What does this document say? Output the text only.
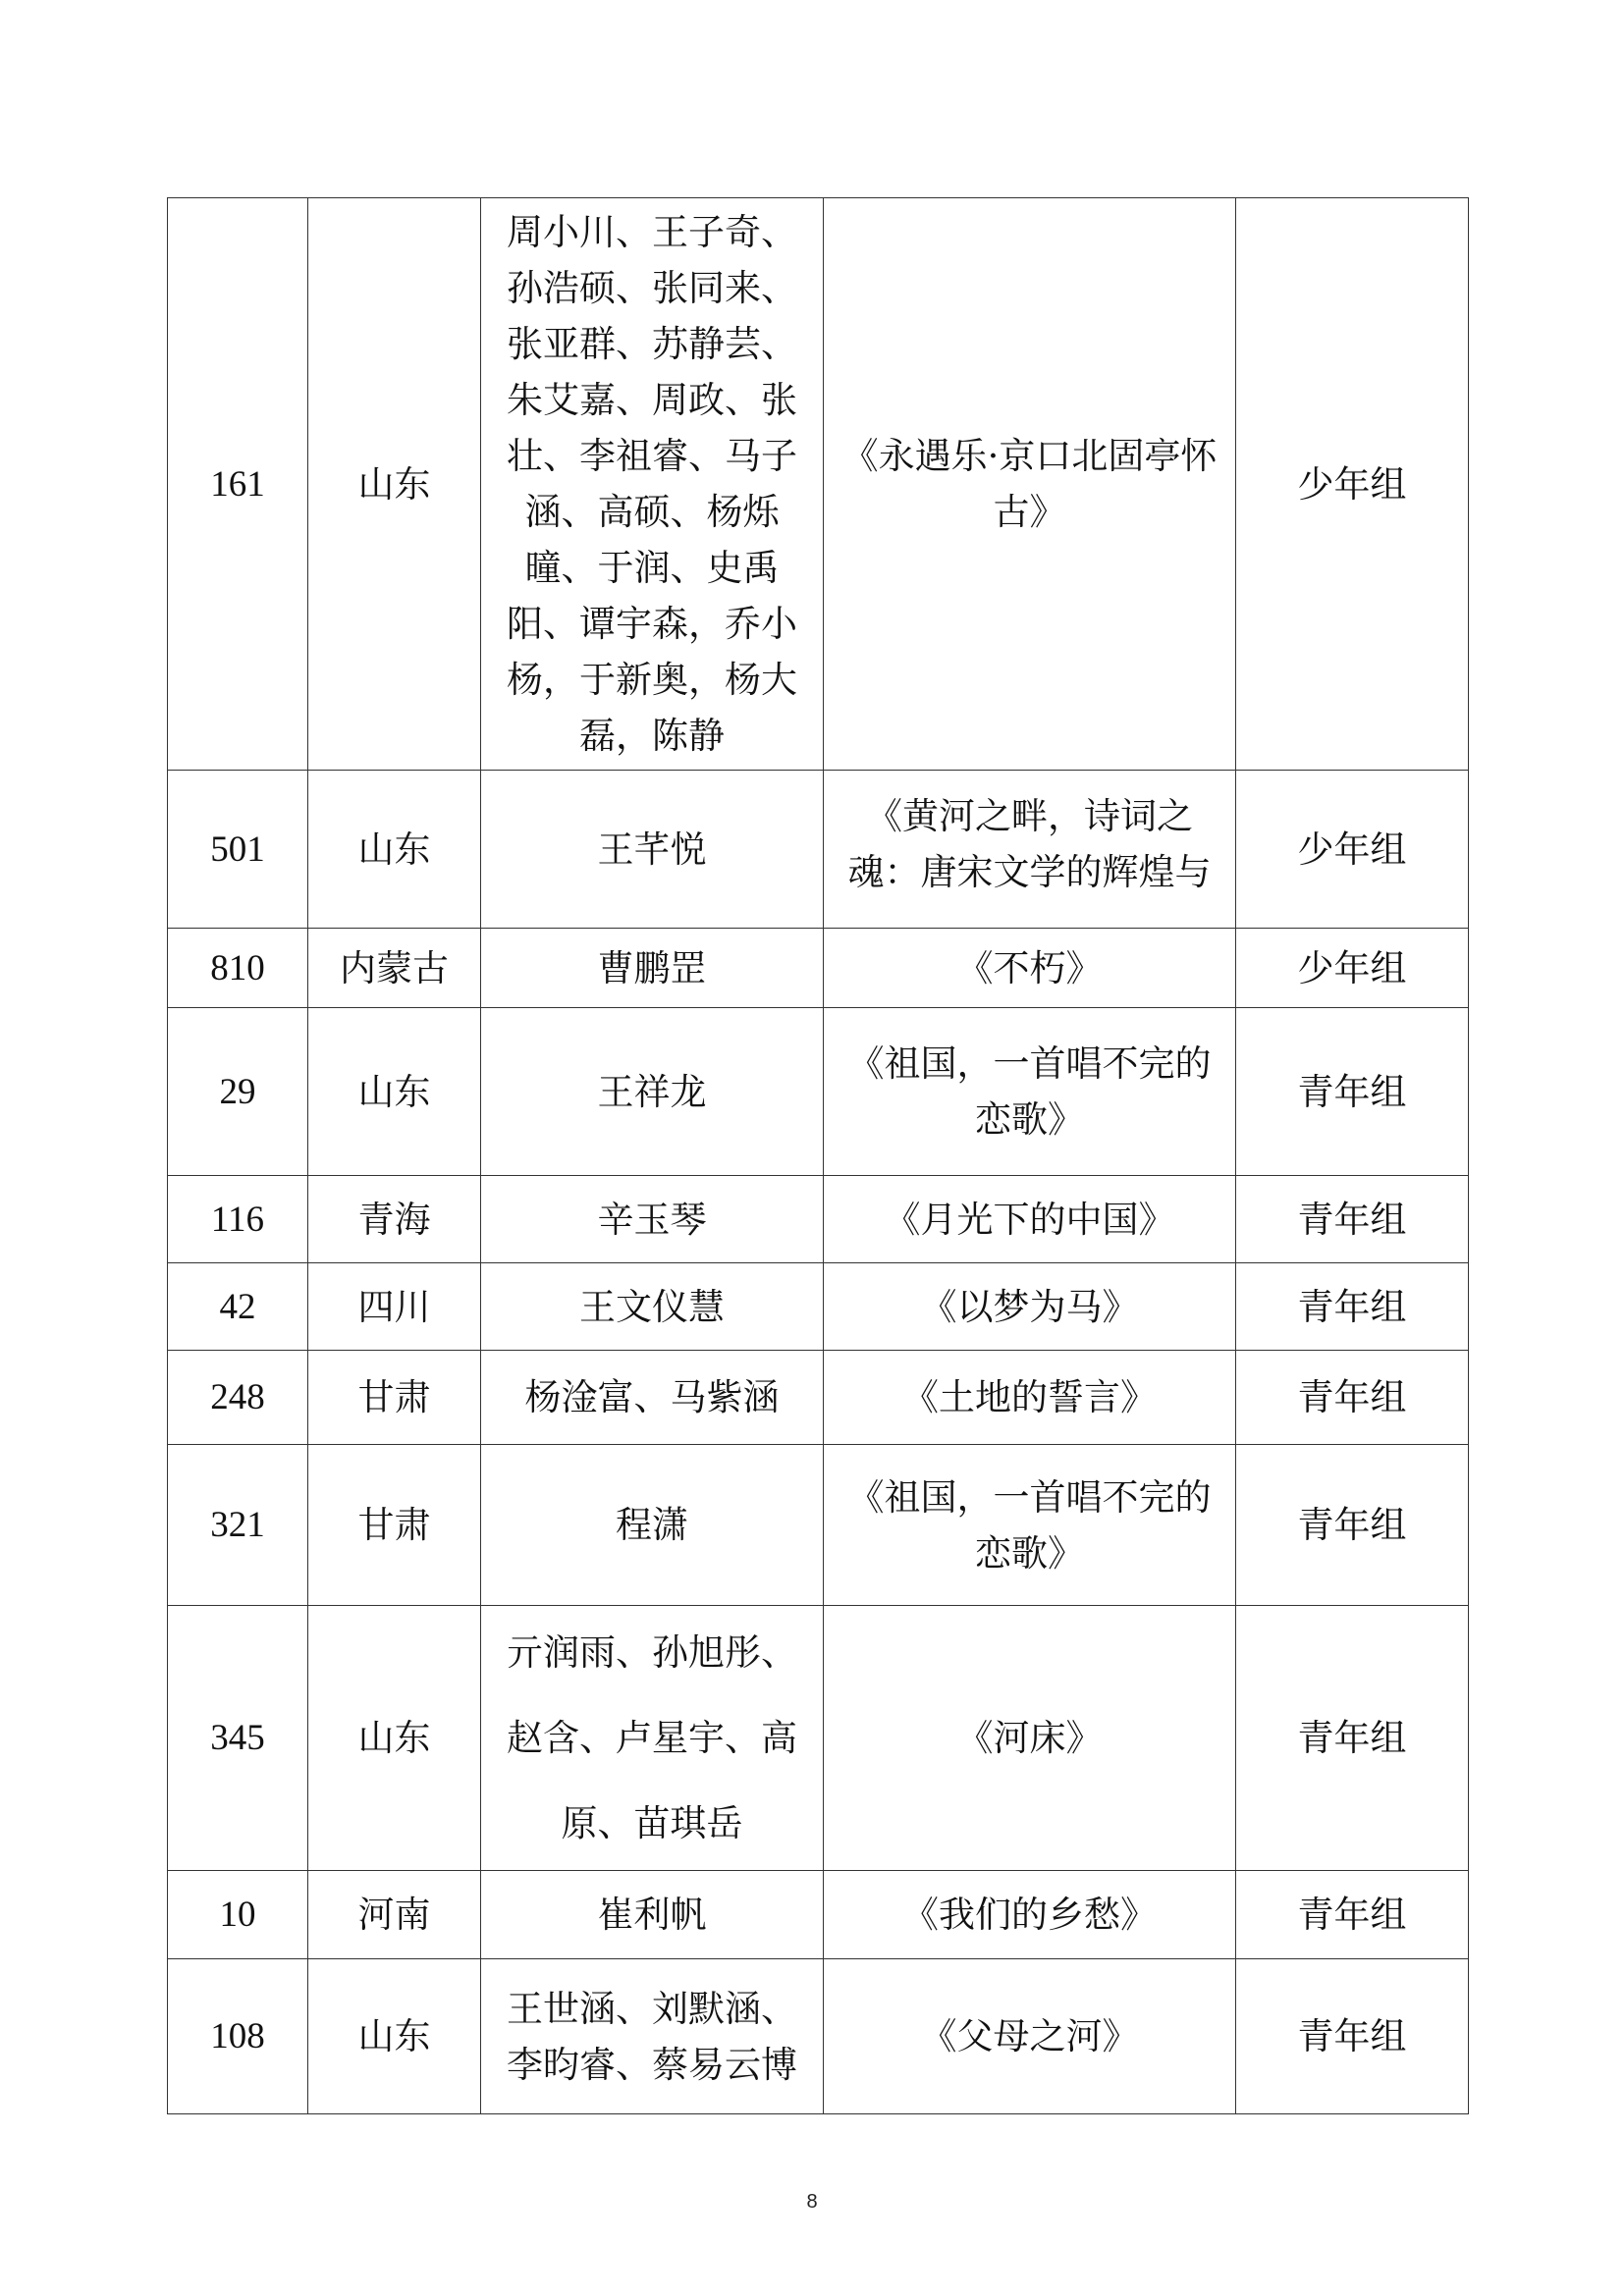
161	山东	周小川、王子奇、孙浩硕、张同来、张亚群、苏静芸、朱艾嘉、周政、张壮、李祖睿、马子涵、高硕、杨烁曈、于润、史禹阳、谭宇森，乔小杨，于新奥，杨大磊，陈静	《永遇乐·京口北固亭怀古》	少年组
501	山东	王芊悦	《黄河之畔，诗词之魂：唐宋文学的辉煌与	少年组
810	内蒙古	曹鹏罡	《不朽》	少年组
29	山东	王祥龙	《祖国，一首唱不完的恋歌》	青年组
116	青海	辛玉琴	《月光下的中国》	青年组
42	四川	王文仪慧	《以梦为马》	青年组
248	甘肃	杨淦富、马紫涵	《土地的誓言》	青年组
321	甘肃	程潇	《祖国，一首唱不完的恋歌》	青年组
345	山东	亓润雨、孙旭彤、赵含、卢星宇、高原、苗琪岳	《河床》	青年组
10	河南	崔利帆	《我们的乡愁》	青年组
108	山东	王世涵、刘默涵、李昀睿、蔡易云博	《父母之河》	青年组
8
